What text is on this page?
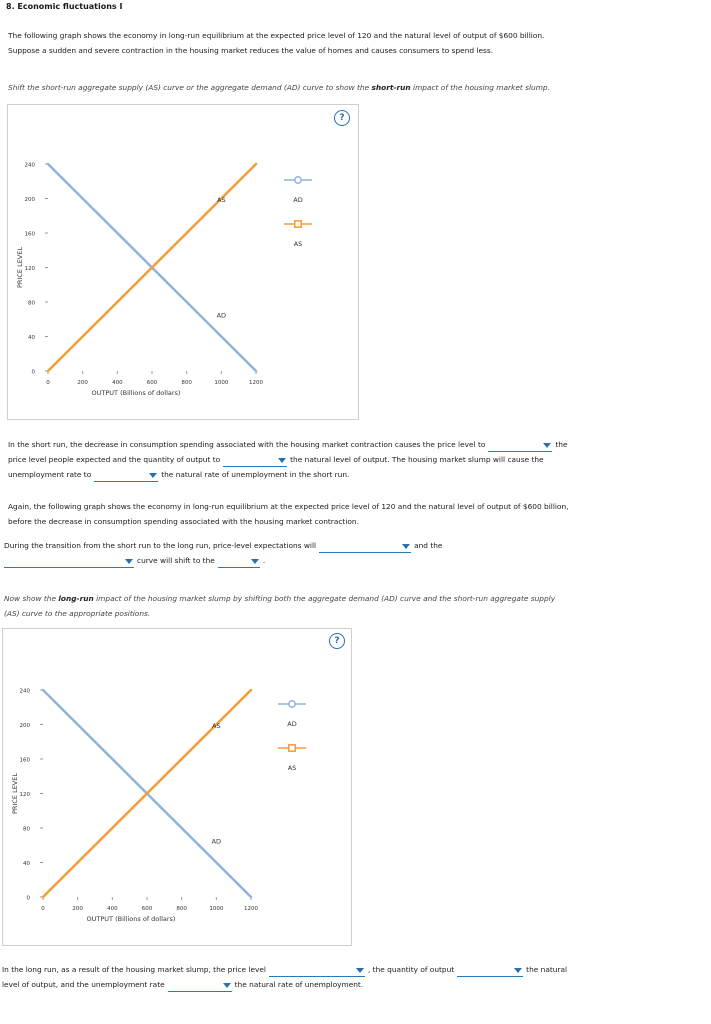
8. Economic fluctuations I
The following graph shows the economy in long-run equilibrium at the expected price level of 120 and the natural level of output of $600 billion.
Suppose a sudden and severe contraction in the housing market reduces the value of homes and causes consumers to spend less.
Shift the short-run aggregate supply (AS) curve or the aggregate demand (AD) curve to show the short-run impact of the housing market slump.
?
0
40
80
120
160
200
240
0	200	400	600	800	1000	1200
OUTPUT (Billions of dollars)
PRICE LEVEL
AS
AD
AD
AS
In the short run, the decrease in consumption spending associated with the housing market contraction causes the price level to	the
price level people expected and the quantity of output to	the natural level of output. The housing market slump will cause the
unemployment rate to	the natural rate of unemployment in the short run.
Again, the following graph shows the economy in long-run equilibrium at the expected price level of 120 and the natural level of output of $600 billion,
before the decrease in consumption spending associated with the housing market contraction.
During the transition from the short run to the long run, price-level expectations will	and the
curve will shift to the	.
Now show the long-run impact of the housing market slump by shifting both the aggregate demand (AD) curve and the short-run aggregate supply
(AS) curve to the appropriate positions.
?
0
40
80
120
160
200
240
0	200	400	600	800	1000	1200
OUTPUT (Billions of dollars)
PRICE LEVEL
AS
AD
AD
AS
In the long run, as a result of the housing market slump, the price level	, the quantity of output	the natural
level of output, and the unemployment rate	the natural rate of unemployment.
